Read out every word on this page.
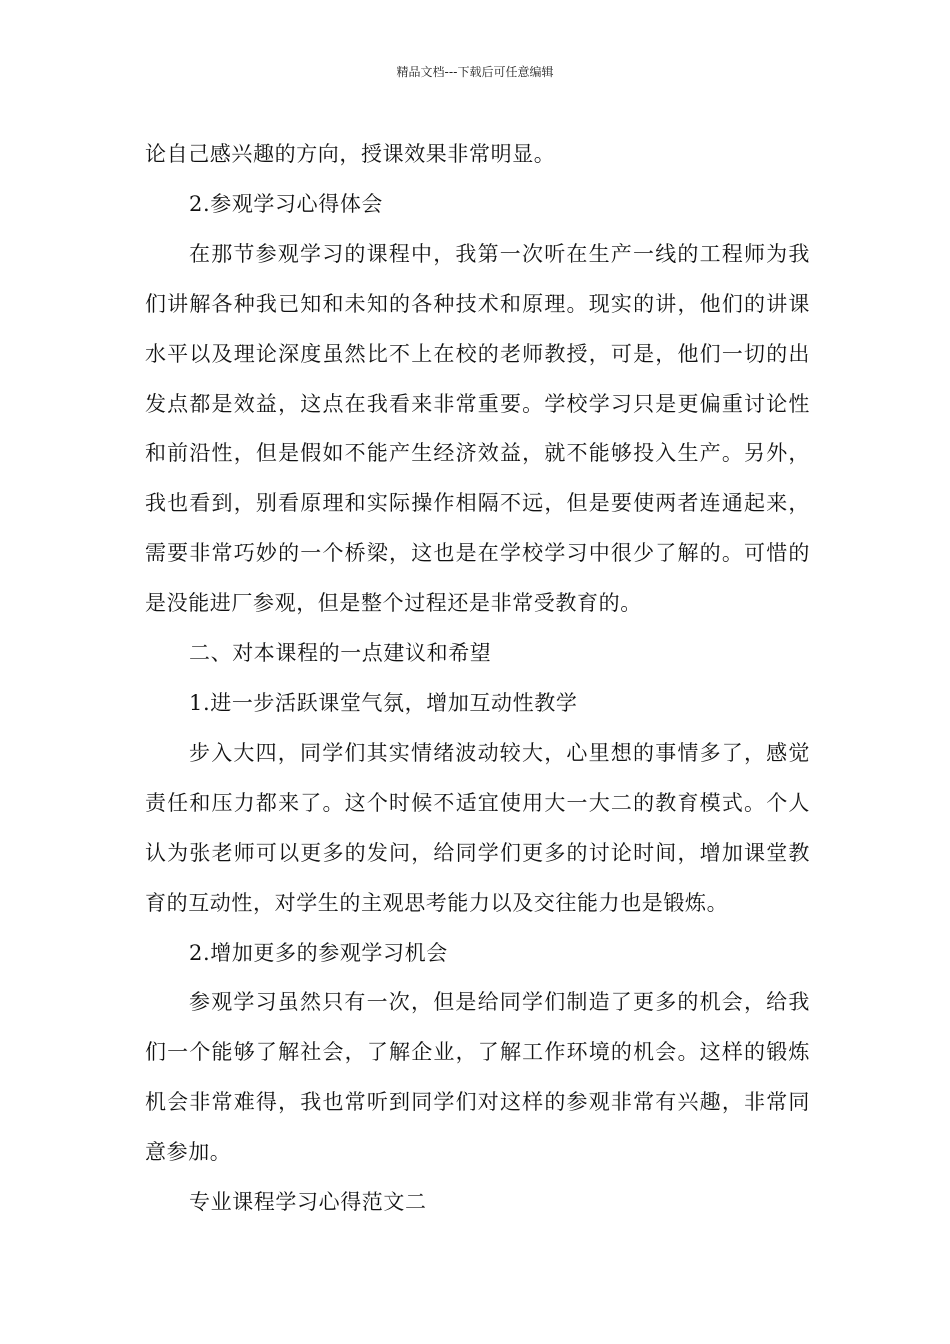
精品文档---下载后可任意编辑

论自己感兴趣的方向，授课效果非常明显。

2.参观学习心得体会

在那节参观学习的课程中，我第一次听在生产一线的工程师为我们讲解各种我已知和未知的各种技术和原理。现实的讲，他们的讲课水平以及理论深度虽然比不上在校的老师教授，可是，他们一切的出发点都是效益，这点在我看来非常重要。学校学习只是更偏重讨论性和前沿性，但是假如不能产生经济效益，就不能够投入生产。另外，我也看到，别看原理和实际操作相隔不远，但是要使两者连通起来，需要非常巧妙的一个桥梁，这也是在学校学习中很少了解的。可惜的是没能进厂参观，但是整个过程还是非常受教育的。

二、对本课程的一点建议和希望

1.进一步活跃课堂气氛，增加互动性教学

步入大四，同学们其实情绪波动较大，心里想的事情多了，感觉责任和压力都来了。这个时候不适宜使用大一大二的教育模式。个人认为张老师可以更多的发问，给同学们更多的讨论时间，增加课堂教育的互动性，对学生的主观思考能力以及交往能力也是锻炼。

2.增加更多的参观学习机会

参观学习虽然只有一次，但是给同学们制造了更多的机会，给我们一个能够了解社会，了解企业，了解工作环境的机会。这样的锻炼机会非常难得，我也常听到同学们对这样的参观非常有兴趣，非常同意参加。

专业课程学习心得范文二
